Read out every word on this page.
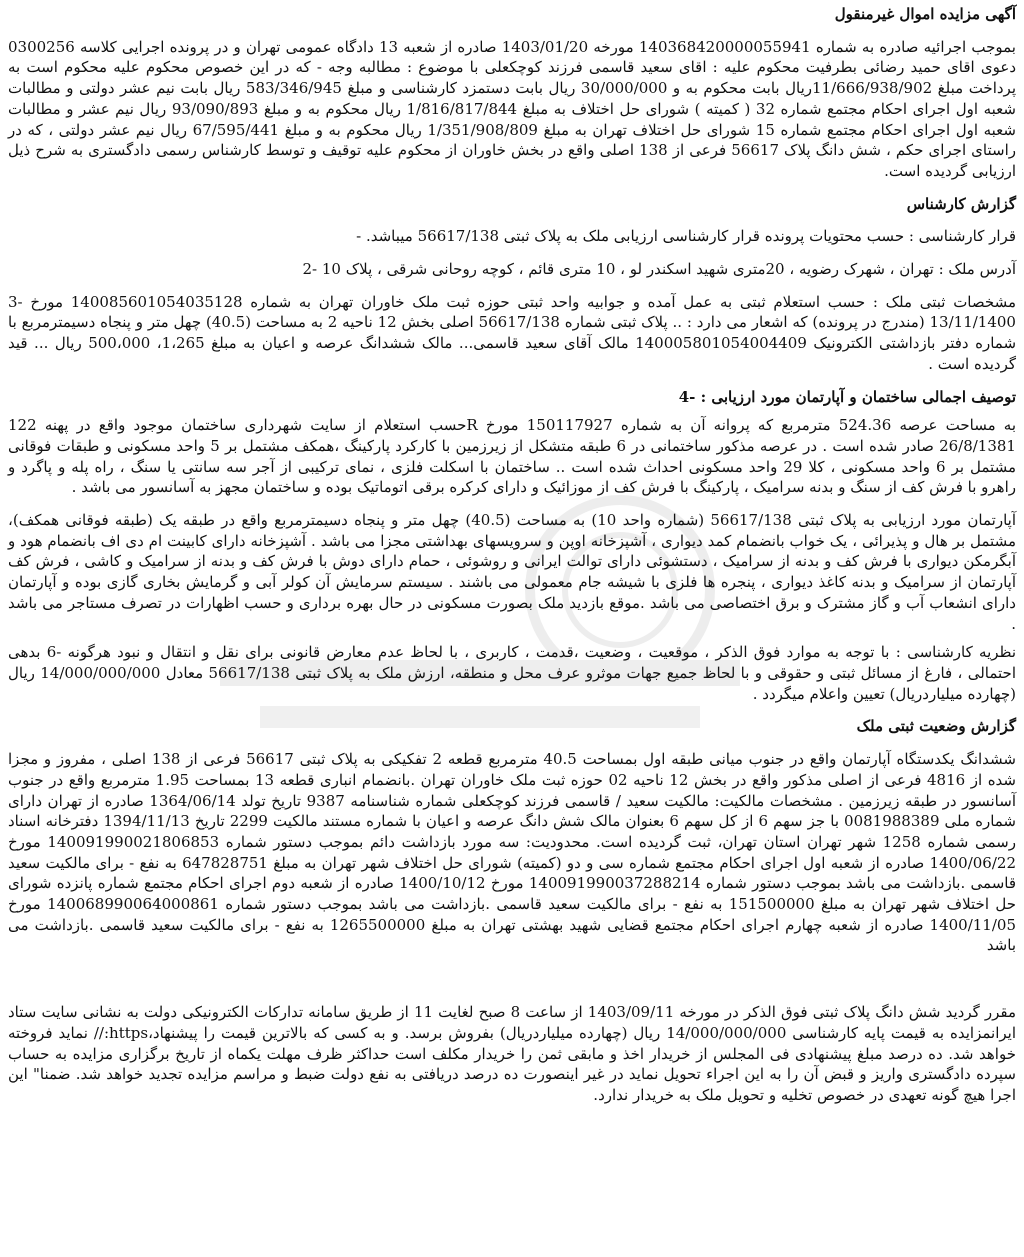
آگهی مزایده اموال غیرمنقول

بموجب اجرائیه صادره به شماره 140368420000055941 مورخه 1403/01/20 صادره از شعبه 13 دادگاه عمومی تهران و در پرونده اجرایی کلاسه 0300256 دعوی اقای حمید رضائی بطرفیت محکوم علیه : اقای سعید قاسمی فرزند کوچکعلی با موضوع : مطالبه وجه - که در این خصوص محکوم علیه محکوم است به پرداخت مبلغ 11/666/938/902ریال بابت محکوم به و 30/000/000 ریال بابت دستمزد کارشناسی و مبلغ 583/346/945 ریال بابت نیم عشر دولتی و مطالبات شعبه اول اجرای احکام مجتمع شماره 32 ( کمیته ) شورای حل اختلاف به مبلغ 1/816/817/844 ریال محکوم به و مبلغ 93/090/893 ریال نیم عشر و مطالبات شعبه اول اجرای احکام مجتمع شماره 15 شورای حل اختلاف تهران به مبلغ 1/351/908/809 ریال محکوم به و مبلغ 67/595/441 ریال نیم عشر دولتی ، که در راستای اجرای حکم ، شش دانگ پلاک 56617 فرعی از 138 اصلی واقع در بخش خاوران از محکوم علیه توقیف و توسط کارشناس رسمی دادگستری به شرح ذیل ارزیابی گردیده است.

گزارش کارشناس

قرار کارشناسی : حسب محتویات پرونده قرار کارشناسی ارزیابی ملک به پلاک ثبتی 56617/138 میباشد. -

آدرس ملک : تهران ، شهرک رضویه ، 20متری شهید اسکندر لو ، 10 متری قائم ، کوچه روحانی شرقی ، پلاک 10 -2

مشخصات ثبتی ملک : حسب استعلام ثبتی به عمل آمده و جوابیه واحد ثبتی حوزه ثبت ملک خاوران تهران به شماره 140085601054035128 مورخ -3 13/11/1400 (مندرج در پرونده) که اشعار می دارد : .. پلاک ثبتی شماره 56617/138 اصلی بخش 12 ناحیه 2 به مساحت (40.5) چهل متر و پنجاه دسیمترمربع با شماره دفتر بازداشتی الکترونیک 140005801054004409 مالک آقای سعید قاسمی... مالک ششدانگ عرصه و اعیان به مبلغ 1،265، 500،000 ریال ... قید گردیده است .

توصیف اجمالی ساختمان و آپارتمان مورد ارزیابی : -4

به مساحت عرصه 524.36 مترمربع که پروانه آن به شماره 150117927 مورخ Rحسب استعلام از سایت شهرداری ساختمان موجود واقع در پهنه 122 26/8/1381 صادر شده است . در عرصه مذکور ساختمانی در 6 طبقه متشکل از زیرزمین با کارکرد پارکینگ ،همکف مشتمل بر 5 واحد مسکونی و طبقات فوقانی مشتمل بر 6 واحد مسکونی ، کلا 29 واحد مسکونی احداث شده است .. ساختمان با اسکلت فلزی ، نمای ترکیبی از آجر سه سانتی یا سنگ ، راه پله و پاگرد و راهرو با فرش کف از سنگ و بدنه سرامیک ، پارکینگ با فرش کف از موزائیک و دارای کرکره برقی اتوماتیک بوده و ساختمان مجهز به آسانسور می باشد .

آپارتمان مورد ارزیابی به پلاک ثبتی 56617/138 (شماره واحد 10) به مساحت (40.5) چهل متر و پنجاه دسیمترمربع واقع در طبقه یک (طبقه فوقانی همکف)، مشتمل بر هال و پذیرائی ، یک خواب بانضمام کمد دیواری ، آشپزخانه اوپن و سرویسهای بهداشتی مجزا می باشد . آشپزخانه دارای کابینت ام دی اف بانضمام هود و آبگرمکن دیواری با فرش کف و بدنه از سرامیک ، دستشوئی دارای توالت ایرانی و روشوئی ، حمام دارای دوش با فرش کف و بدنه از سرامیک و کاشی ، فرش کف آپارتمان از سرامیک و بدنه کاغذ دیواری ، پنجره ها فلزی با شیشه جام معمولی می باشند . سیستم سرمایش آن کولر آبی و گرمایش بخاری گازی بوده و آپارتمان دارای انشعاب آب و گاز مشترک و برق اختصاصی می باشد .موقع بازدید ملک بصورت مسکونی در حال بهره برداری و حسب اظهارات در تصرف مستاجر می باشد .

نظریه کارشناسی : با توجه به موارد فوق الذکر ، موقعیت ، وضعیت ،قدمت ، کاربری ، با لحاظ عدم معارض قانونی برای نقل و انتقال و نبود هرگونه -6 بدهی احتمالی ، فارغ از مسائل ثبتی و حقوقی و با لحاظ جمیع جهات موثرو عرف محل و منطقه، ارزش ملک به پلاک ثبتی 56617/138 معادل 14/000/000/000 ریال (چهارده میلیاردریال) تعیین واعلام میگردد .

گزارش وضعیت ثبتی ملک

ششدانگ یکدستگاه آپارتمان واقع در جنوب میانی طبقه اول بمساحت 40.5 مترمربع قطعه 2 تفکیکی به پلاک ثبتی 56617 فرعی از 138 اصلی ، مفروز و مجزا شده از 4816 فرعی از اصلی مذکور واقع در بخش 12 ناحیه 02 حوزه ثبت ملک خاوران تهران .بانضمام انباری قطعه 13 بمساحت 1.95 مترمربع واقع در جنوب آسانسور در طبقه زیرزمین . مشخصات مالکیت: مالکیت سعید / قاسمی فرزند کوچکعلی شماره شناسنامه 9387 تاریخ تولد 1364/06/14 صادره از تهران دارای شماره ملی 0081988389 با جز سهم 6 از کل سهم 6 بعنوان مالک شش دانگ عرصه و اعیان با شماره مستند مالکیت 2299 تاریخ 1394/11/13 دفترخانه اسناد رسمی شماره 1258 شهر تهران استان تهران، ثبت گردیده است. محدودیت: سه مورد بازداشت دائم بموجب دستور شماره 140091990021806853 مورخ 1400/06/22 صادره از شعبه اول اجرای احکام مجتمع شماره سی و دو (کمیته) شورای حل اختلاف شهر تهران به مبلغ 647828751 به نفع - برای مالکیت سعید قاسمی .بازداشت می باشد بموجب دستور شماره 140091990037288214 مورخ 1400/10/12 صادره از شعبه دوم اجرای احکام مجتمع شماره پانزده شورای حل اختلاف شهر تهران به مبلغ 151500000 به نفع - برای مالکیت سعید قاسمی .بازداشت می باشد بموجب دستور شماره 140068990064000861 مورخ 1400/11/05 صادره از شعبه چهارم اجرای احکام مجتمع قضایی شهید بهشتی تهران به مبلغ 1265500000 به نفع - برای مالکیت سعید قاسمی .بازداشت می باشد

مقرر گردید شش دانگ پلاک ثبتی فوق الذکر در مورخه 1403/09/11 از ساعت 8 صبح لغایت 11 از طریق سامانه تدارکات الکترونیکی دولت به نشانی سایت ستاد ایرانمزایده به قیمت پایه کارشناسی 14/000/000/000 ریال (چهارده میلیاردریال) بفروش برسد. و به کسی که بالاترین قیمت را پیشنهاد،https:// نماید فروخته خواهد شد. ده درصد مبلغ پیشنهادی فی المجلس از خریدار اخذ و مابقی ثمن را خریدار مکلف است حداکثر ظرف مهلت یکماه از تاریخ برگزاری مزایده به حساب سپرده دادگستری واریز و قبض آن را به این اجراء تحویل نماید در غیر اینصورت ده درصد دریافتی به نفع دولت ضبط و مراسم مزایده تجدید خواهد شد. ضمنا" این اجرا هیچ گونه تعهدی در خصوص تخلیه و تحویل ملک به خریدار ندارد.
